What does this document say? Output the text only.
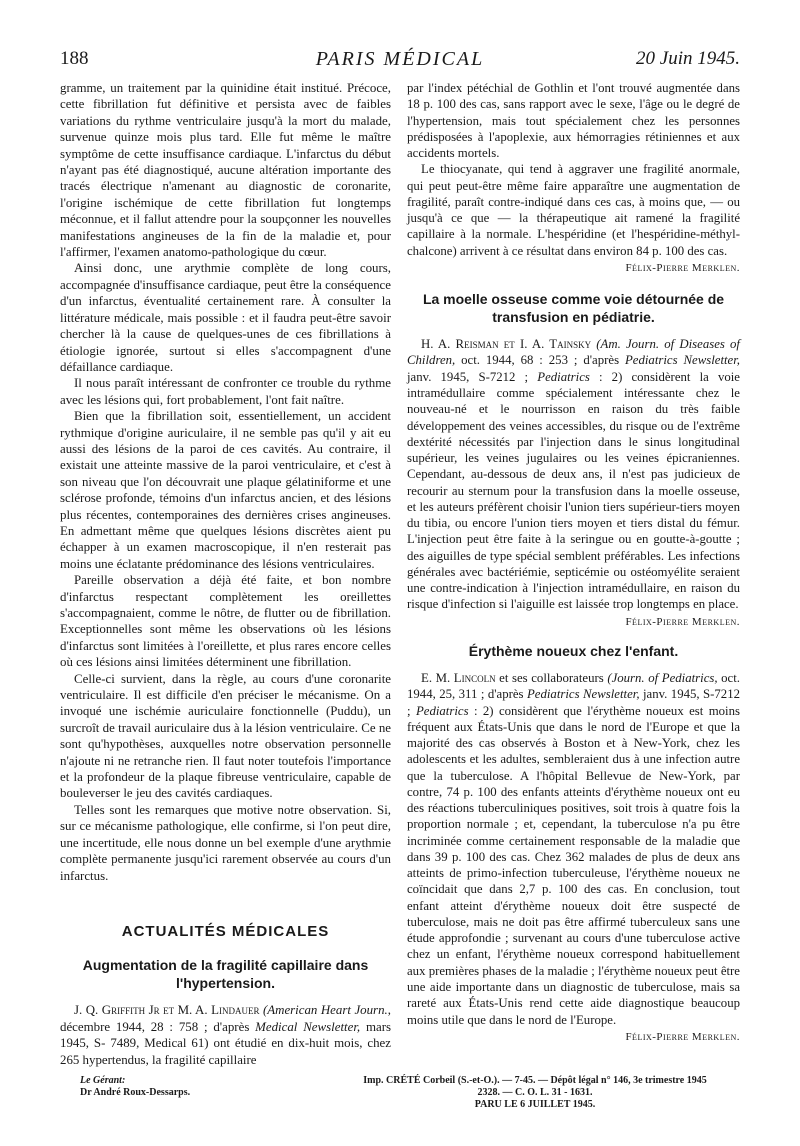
188	PARIS MÉDICAL	20 Juin 1945.

gramme, un traitement par la quinidine était institué. Précoce, cette fibrillation fut définitive et persista avec de faibles variations du rythme ventriculaire jusqu'à la mort du malade, survenue quinze mois plus tard. Elle fut même le maître symptôme de cette insuffisance cardiaque. L'infarctus du début n'ayant pas été diagnostiqué, aucune altération importante des tracés électrique n'amenant au diagnostic de coronarite, l'origine ischémique de cette fibrillation fut longtemps méconnue, et il fallut attendre pour la soupçonner les nouvelles manifestations angineuses de la fin de la maladie et, pour l'affirmer, l'examen anatomo-pathologique du cœur.

Ainsi donc, une arythmie complète de long cours, accompagnée d'insuffisance cardiaque, peut être la conséquence d'un infarctus, éventualité certainement rare. À consulter la littérature médicale, mais possible : et il faudra peut-être savoir chercher là la cause de quelques-unes de ces fibrillations à étiologie ignorée, surtout si elles s'accompagnent d'une défaillance cardiaque.

Il nous paraît intéressant de confronter ce trouble du rythme avec les lésions qui, fort probablement, l'ont fait naître.

Bien que la fibrillation soit, essentiellement, un accident rythmique d'origine auriculaire, il ne semble pas qu'il y ait eu aussi des lésions de la paroi de ces cavités. Au contraire, il existait une atteinte massive de la paroi ventriculaire, et c'est à son niveau que l'on découvrait une plaque gélatiniforme et une sclérose profonde, témoins d'un infarctus ancien, et des lésions plus récentes, contemporaines des dernières crises angineuses. En admettant même que quelques lésions discrètes aient pu échapper à un examen macroscopique, il n'en resterait pas moins une éclatante prédominance des lésions ventriculaires.

Pareille observation a déjà été faite, et bon nombre d'infarctus respectant complètement les oreillettes s'accompagnaient, comme le nôtre, de flutter ou de fibrillation. Exceptionnelles sont même les observations où les lésions d'infarctus sont limitées à l'oreillette, et plus rares encore celles où ces lésions ainsi limitées déterminent une fibrillation.

Celle-ci survient, dans la règle, au cours d'une coronarite ventriculaire. Il est difficile d'en préciser le mécanisme. On a invoqué une ischémie auriculaire fonctionnelle (Puddu), un surcroît de travail auriculaire dus à la lésion ventriculaire. Ce ne sont qu'hypothèses, auxquelles notre observation personnelle n'ajoute ni ne retranche rien. Il faut noter toutefois l'importance et la profondeur de la plaque fibreuse ventriculaire, capable de bouleverser le jeu des cavités cardiaques.

Telles sont les remarques que motive notre observation. Si, sur ce mécanisme pathologique, elle confirme, si l'on peut dire, une incertitude, elle nous donne un bel exemple d'une arythmie complète permanente jusqu'ici rarement observée au cours d'un infarctus.

ACTUALITÉS MÉDICALES
Augmentation de la fragilité capillaire dans l'hypertension.

J. Q. Griffith Jr et M. A. Lindauer (American Heart Journ., décembre 1944, 28 : 758 ; d'après Medical Newsletter, mars 1945, S- 7489, Medical 61) ont étudié en dix-huit mois, chez 265 hypertendus, la fragilité capillaire

par l'index pétéchial de Gothlin et l'ont trouvé augmentée dans 18 p. 100 des cas, sans rapport avec le sexe, l'âge ou le degré de l'hypertension, mais tout spécialement chez les personnes prédisposées à l'apoplexie, aux hémorragies rétiniennes et aux accidents mortels.

Le thiocyanate, qui tend à aggraver une fragilité anormale, qui peut peut-être même faire apparaître une augmentation de fragilité, paraît contre-indiqué dans ces cas, à moins que, — ou jusqu'à ce que — la thérapeutique ait ramené la fragilité capillaire à la normale. L'hespéridine (et l'hespéridine-méthyl-chalcone) arrivent à ce résultat dans environ 84 p. 100 des cas.

Félix-Pierre Merklen.
La moelle osseuse comme voie détournée de transfusion en pédiatrie.

H. A. Reisman et I. A. Tainsky (Am. Journ. of Diseases of Children, oct. 1944, 68 : 253 ; d'après Pediatrics Newsletter, janv. 1945, S-7212 ; Pediatrics : 2) considèrent la voie intramédullaire comme spécialement intéressante chez le nouveau-né et le nourrisson en raison du très faible développement des veines accessibles, du risque ou de l'extrême dextérité nécessités par l'injection dans le sinus longitudinal supérieur, les veines jugulaires ou les veines épicraniennes. Cependant, au-dessous de deux ans, il n'est pas judicieux de recourir au sternum pour la transfusion dans la moelle osseuse, et les auteurs préfèrent choisir l'union tiers supérieur-tiers moyen du tibia, ou encore l'union tiers moyen et tiers distal du fémur. L'injection peut être faite à la seringue ou en goutte-à-goutte ; des aiguilles de type spécial semblent préférables. Les infections générales avec bactériémie, septicémie ou ostéomyélite seraient une contre-indication à l'injection intramédullaire, en raison du risque d'infection si l'aiguille est laissée trop longtemps en place.

Félix-Pierre Merklen.
Érythème noueux chez l'enfant.

E. M. Lincoln et ses collaborateurs (Journ. of Pediatrics, oct. 1944, 25, 311 ; d'après Pediatrics Newsletter, janv. 1945, S-7212 ; Pediatrics : 2) considèrent que l'érythème noueux est moins fréquent aux États-Unis que dans le nord de l'Europe et que la majorité des cas observés à Boston et à New-York, chez les adolescents et les adultes, sembleraient dus à une infection autre que la tuberculose. A l'hôpital Bellevue de New-York, par contre, 74 p. 100 des enfants atteints d'érythème noueux ont eu des réactions tuberculiniques positives, soit trois à quatre fois la proportion normale ; et, cependant, la tuberculose n'a pu être incriminée comme certainement responsable de la maladie que dans 39 p. 100 des cas. Chez 362 malades de plus de deux ans atteints de primo-infection tuberculeuse, l'érythème noueux ne coïncidait que dans 2,7 p. 100 des cas. En conclusion, tout enfant atteint d'érythème noueux doit être suspecté de tuberculose, mais ne doit pas être affirmé tuberculeux sans une étude approfondie ; survenant au cours d'une tuberculose active chez un enfant, l'érythème noueux correspond habituellement aux premières phases de la maladie ; l'érythème noueux peut être une aide importante dans un diagnostic de tuberculose, mais sa rareté aux États-Unis rend cette aide diagnostique beaucoup moins utile que dans le nord de l'Europe.

Félix-Pierre Merklen.
Le Gérant:
Dr André Roux-Dessarps.
Imp. CRÉTÉ Corbeil (S.-et-O.). — 7-45. — Dépôt légal n° 146, 3e trimestre 1945
2328. — C. O. L. 31 - 1631.
PARU LE 6 JUILLET 1945.
